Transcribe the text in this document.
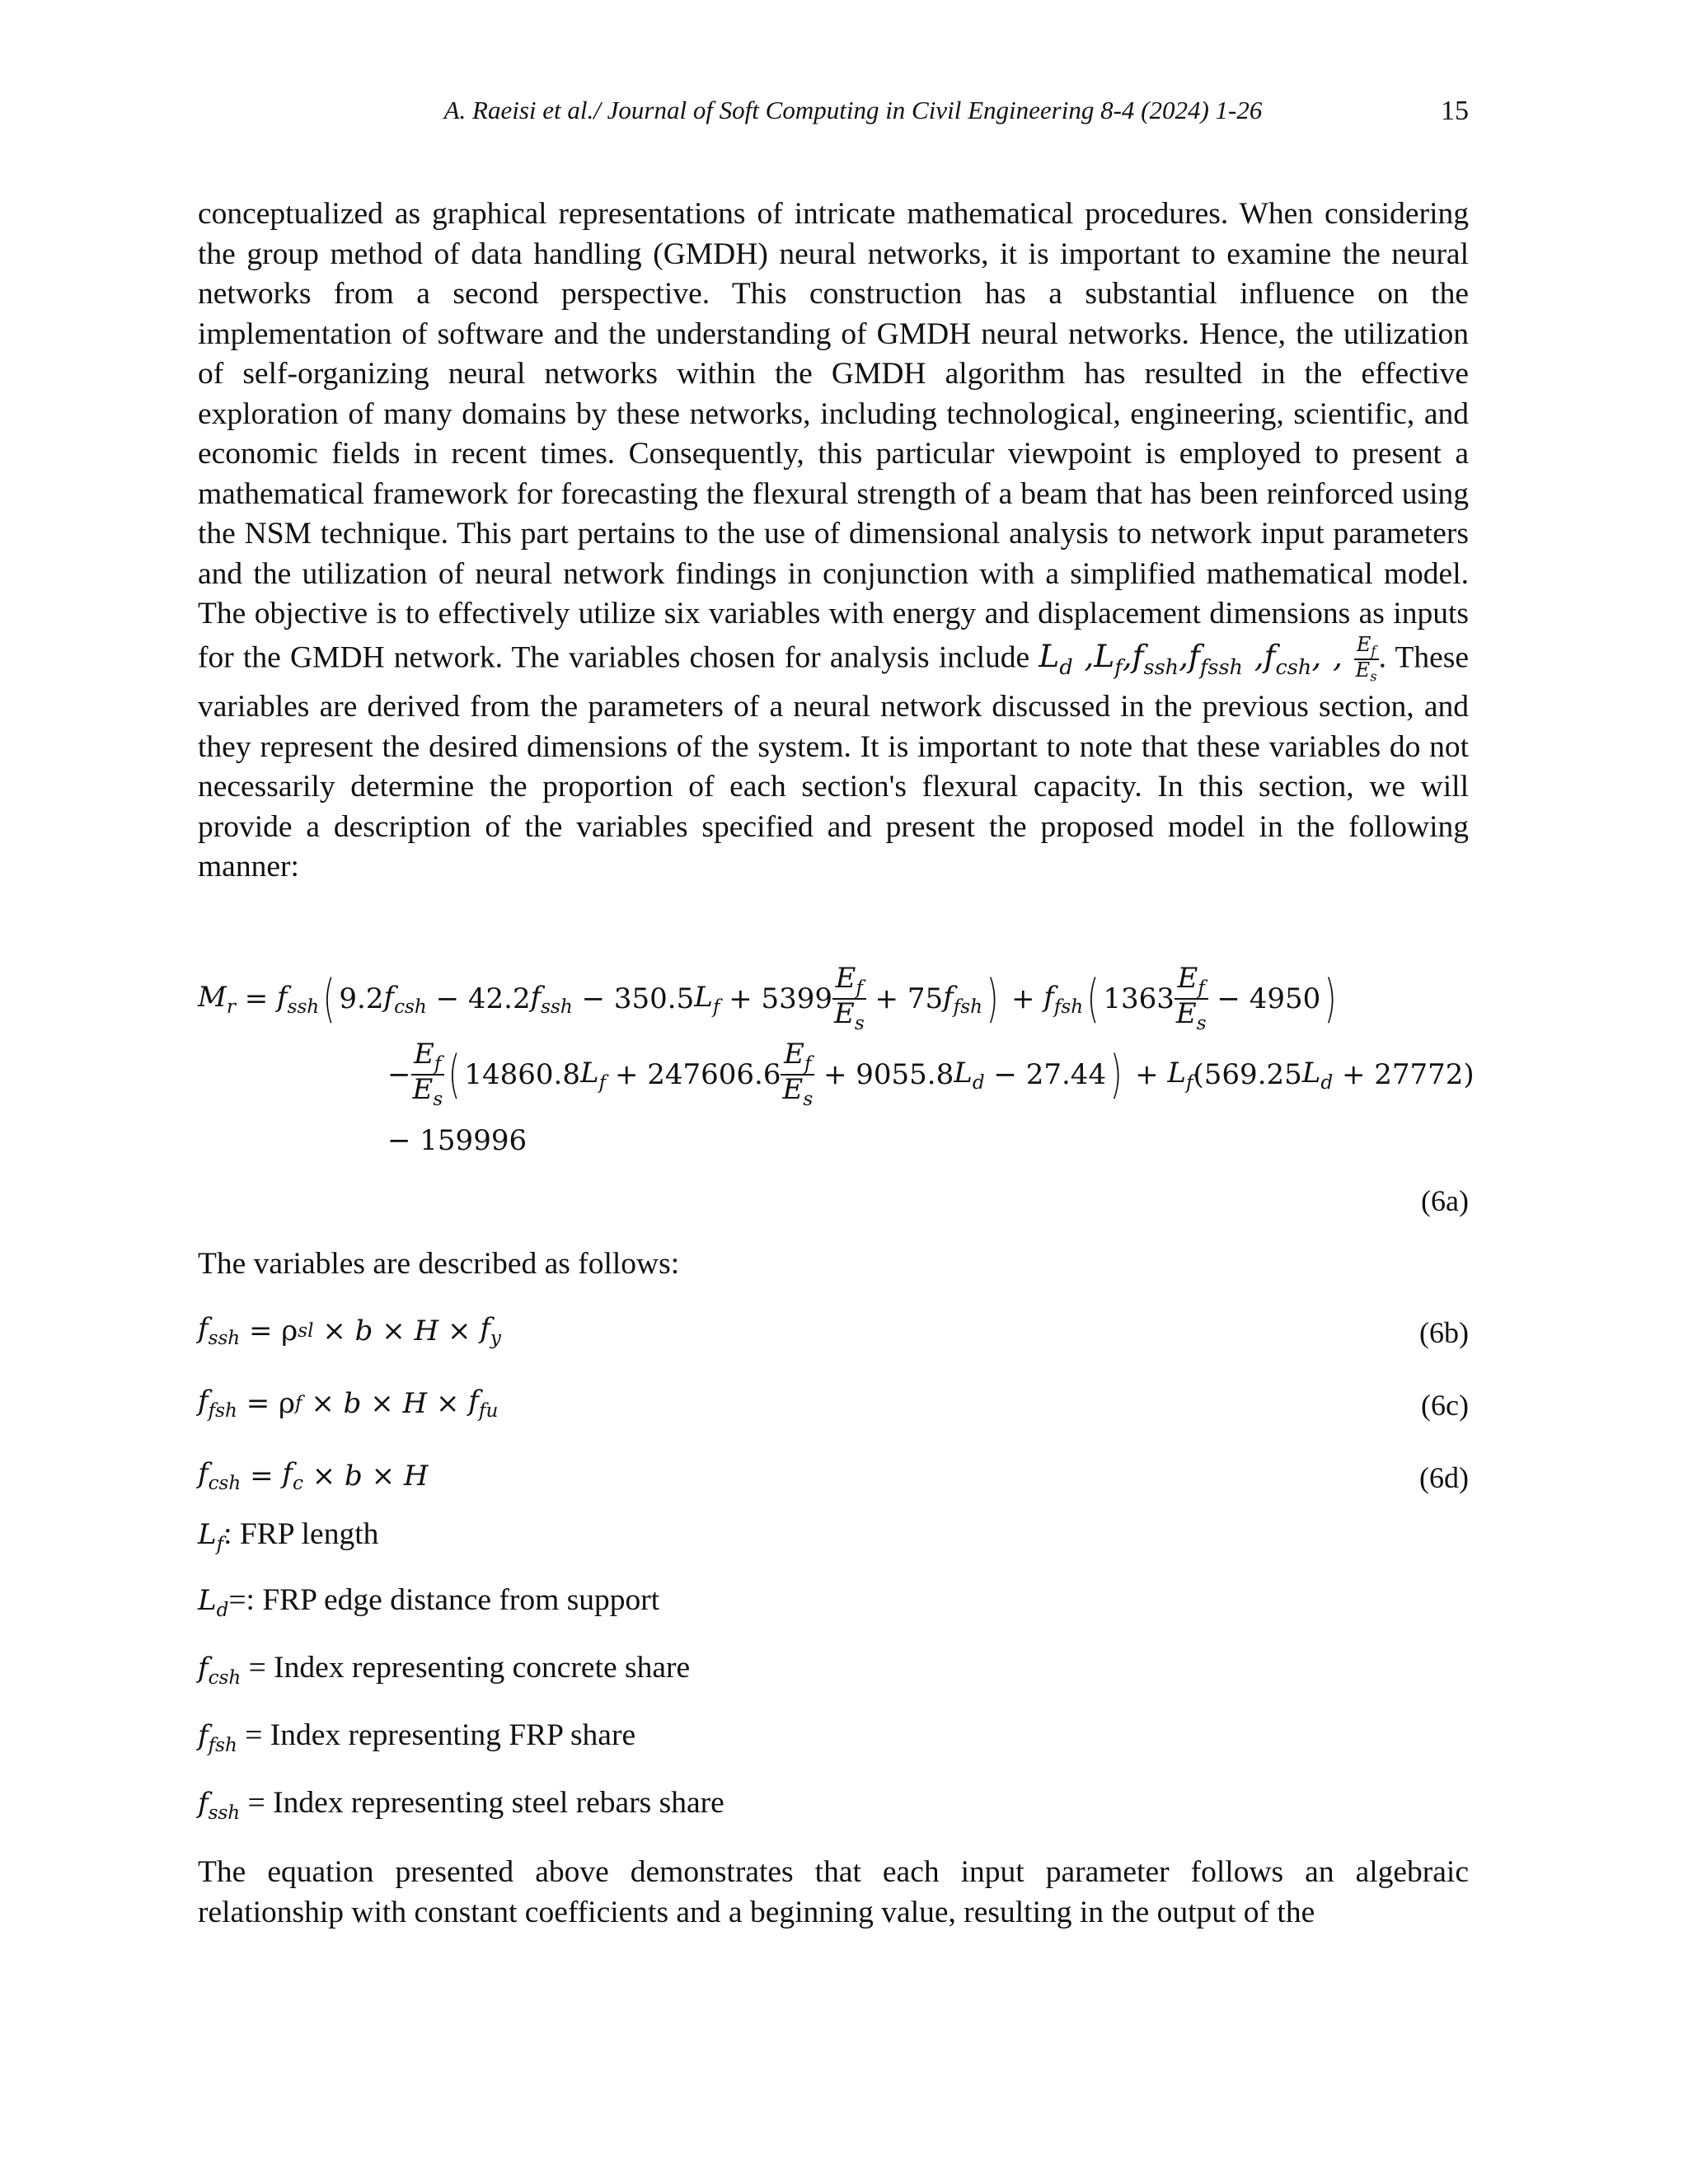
A. Raeisi et al./ Journal of Soft Computing in Civil Engineering 8-4 (2024) 1-26	15
conceptualized as graphical representations of intricate mathematical procedures. When considering the group method of data handling (GMDH) neural networks, it is important to examine the neural networks from a second perspective. This construction has a substantial influence on the implementation of software and the understanding of GMDH neural networks. Hence, the utilization of self-organizing neural networks within the GMDH algorithm has resulted in the effective exploration of many domains by these networks, including technological, engineering, scientific, and economic fields in recent times. Consequently, this particular viewpoint is employed to present a mathematical framework for forecasting the flexural strength of a beam that has been reinforced using the NSM technique. This part pertains to the use of dimensional analysis to network input parameters and the utilization of neural network findings in conjunction with a simplified mathematical model. The objective is to effectively utilize six variables with energy and displacement dimensions as inputs for the GMDH network. The variables chosen for analysis include $L_d$ $,L_f,f_{ssh},f_{fssh}$ $,f_{csh}$, , $\frac{E_f}{E_s}$ . These variables are derived from the parameters of a neural network discussed in the previous section, and they represent the desired dimensions of the system. It is important to note that these variables do not necessarily determine the proportion of each section's flexural capacity. In this section, we will provide a description of the variables specified and present the proposed model in the following manner:
$M_r = f_{ssh}$ ( 9.2 $f_{csh} - 42.2$ $f_{ssh} - 350.5$ $L_f + 5399 \frac{E_f}{E_s} + 75$ $f_{fsh}$ ) + $f_{fsh}$ ( $1363 \frac{E_f}{E_s} - 4950$ )
− $\frac{E_f}{E_s}$ ( 14860.8 $L_f + 247606.6 \frac{E_f}{E_s} + 9055.8$ $L_d - 27.44$ ) + $L_f$ ( 569.25 $L_d + 27772$ )
− 159996
(6a)
The variables are described as follows:
$f_{ssh} = \rho$ sl × $b \times H \times f_y$	(6b)
$f_{fsh} = \rho$ $f \times b \times H \times f_{fu}$	(6c)
$f_{csh} = f_c \times b \times H$	(6d)
$L_f$: FRP length
$L_d=$: FRP edge distance from support
$f_{csh}$ = Index representing concrete share
$f_{fsh}$ = Index representing FRP share
$f_{ssh}$ = Index representing steel rebars share
The equation presented above demonstrates that each input parameter follows an algebraic relationship with constant coefficients and a beginning value, resulting in the output of the
